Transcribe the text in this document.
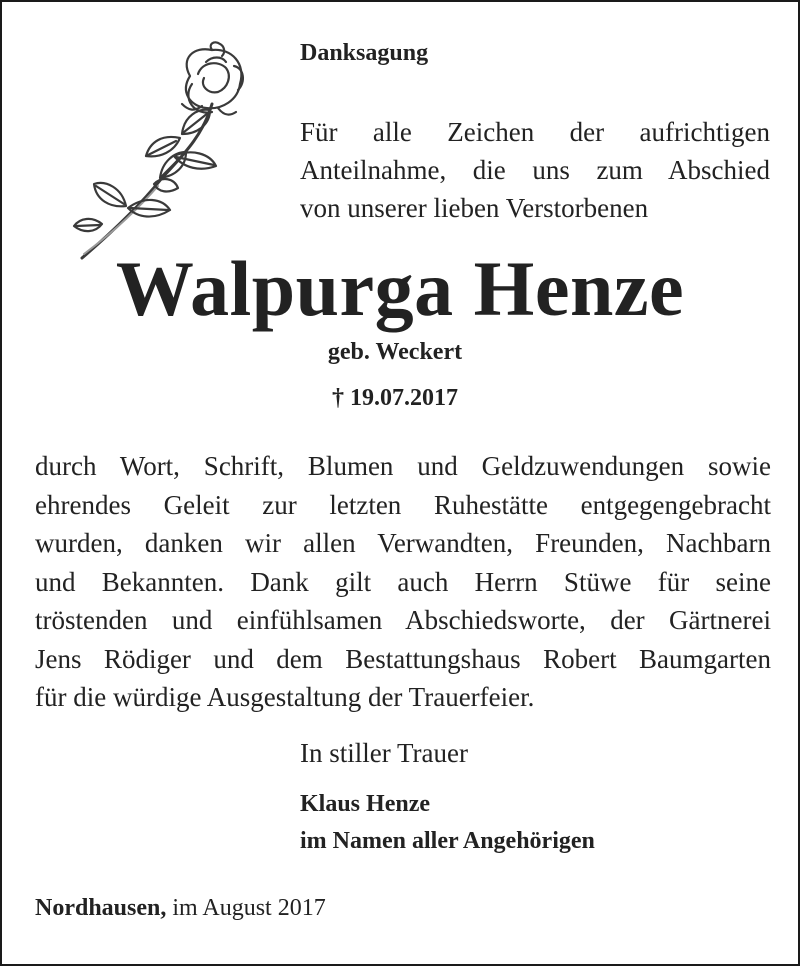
Danksagung
Für alle Zeichen der aufrichtigen
Anteilnahme, die uns zum Abschied
von unserer lieben Verstorbenen
Walpurga Henze
geb. Weckert
† 19.07.2017
durch Wort, Schrift, Blumen und Geldzuwendungen sowie
ehrendes Geleit zur letzten Ruhestätte entgegengebracht
wurden, danken wir allen Verwandten, Freunden, Nachbarn
und Bekannten. Dank gilt auch Herrn Stüwe für seine
tröstenden und einfühlsamen Abschiedsworte, der Gärtnerei
Jens Rödiger und dem Bestattungshaus Robert Baumgarten
für die würdige Ausgestaltung der Trauerfeier.
In stiller Trauer
Klaus Henze
im Namen aller Angehörigen
Nordhausen, im August 2017
